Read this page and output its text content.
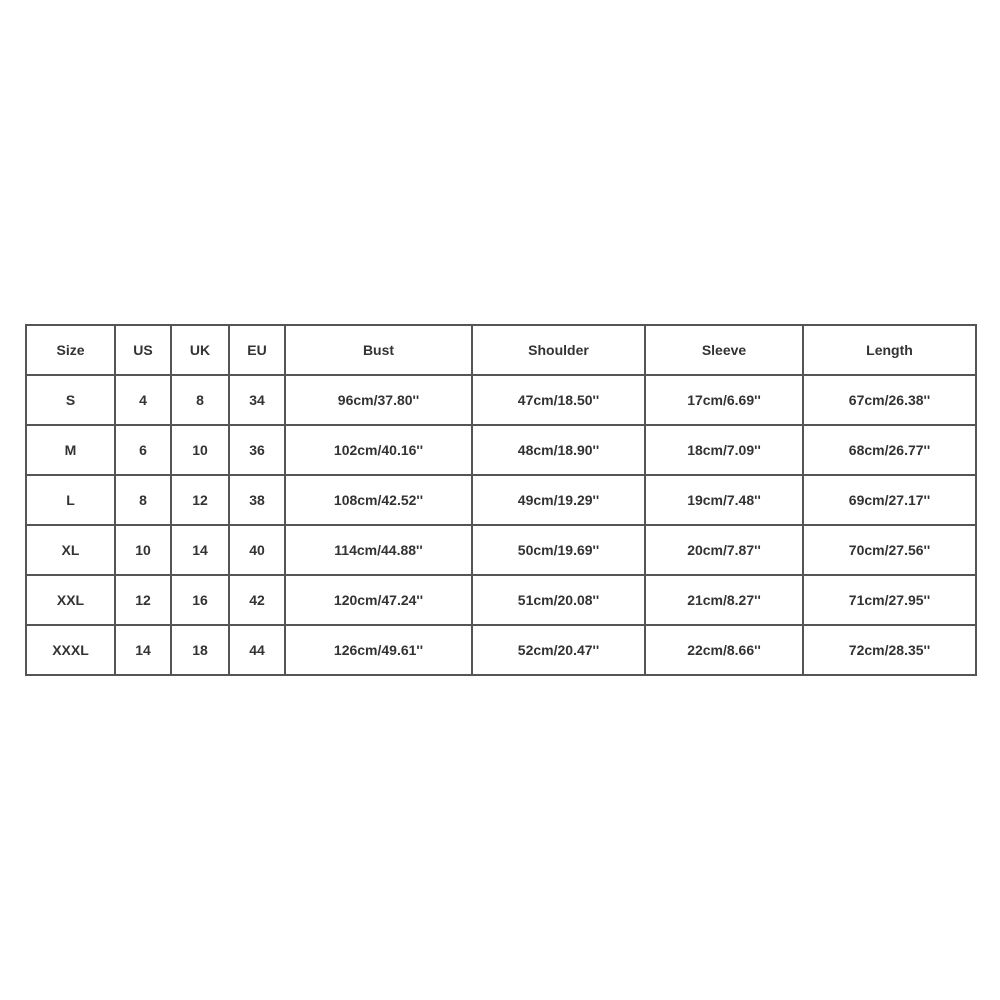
Size	US	UK	EU	Bust	Shoulder	Sleeve	Length
S	4	8	34	96cm/37.80''	47cm/18.50''	17cm/6.69''	67cm/26.38''
M	6	10	36	102cm/40.16''	48cm/18.90''	18cm/7.09''	68cm/26.77''
L	8	12	38	108cm/42.52''	49cm/19.29''	19cm/7.48''	69cm/27.17''
XL	10	14	40	114cm/44.88''	50cm/19.69''	20cm/7.87''	70cm/27.56''
XXL	12	16	42	120cm/47.24''	51cm/20.08''	21cm/8.27''	71cm/27.95''
XXXL	14	18	44	126cm/49.61''	52cm/20.47''	22cm/8.66''	72cm/28.35''
